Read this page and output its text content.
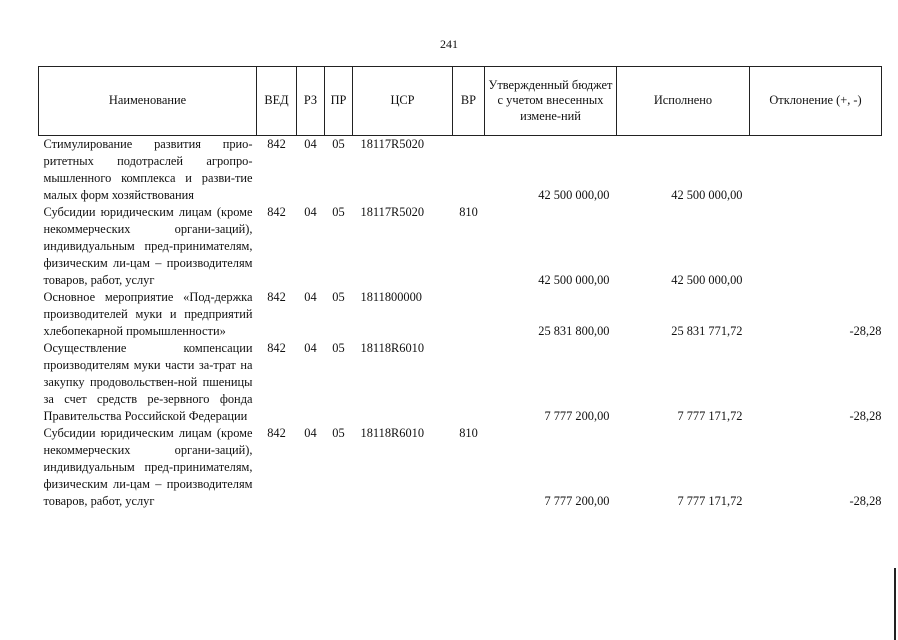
241
Наименование	ВЕД	РЗ	ПР	ЦСР	ВР	Утвержденный бюджет с учетом внесенных измене-ний	Исполнено	Отклонение (+, -)
Стимулирование развития прио-ритетных подотраслей агропро-мышленного комплекса и разви-тие малых форм хозяйствования	842	04	05	18117R5020		42 500 000,00	42 500 000,00	
Субсидии юридическим лицам (кроме некоммерческих органи-заций), индивидуальным пред-принимателям, физическим ли-цам – производителям товаров, работ, услуг	842	04	05	18117R5020	810	42 500 000,00	42 500 000,00	
Основное мероприятие «Под-держка производителей муки и предприятий хлебопекарной промышленности»	842	04	05	1811800000		25 831 800,00	25 831 771,72	-28,28
Осуществление компенсации производителям муки части за-трат на закупку продовольствен-ной пшеницы за счет средств ре-зервного фонда Правительства Российской Федерации	842	04	05	18118R6010		7 777 200,00	7 777 171,72	-28,28
Субсидии юридическим лицам (кроме некоммерческих органи-заций), индивидуальным пред-принимателям, физическим ли-цам – производителям товаров, работ, услуг	842	04	05	18118R6010	810	7 777 200,00	7 777 171,72	-28,28
